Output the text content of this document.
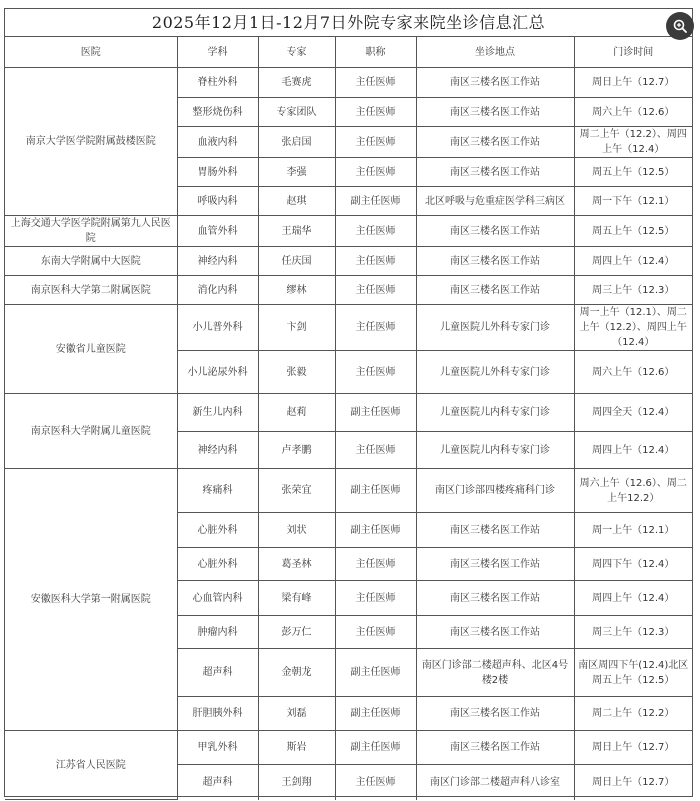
2025年12月1日-12月7日外院专家来院坐诊信息汇总
医院	学科	专家	职称	坐诊地点	门诊时间
南京大学医学院附属鼓楼医院	脊柱外科	毛赛虎	主任医师	南区三楼名医工作站	周日上午（12.7）
	整形烧伤科	专家团队	主任医师	南区三楼名医工作站	周六上午（12.6）
	血液内科	张启国	主任医师	南区三楼名医工作站	周二上午（12.2）、周四上午（12.4）
	胃肠外科	李强	主任医师	南区三楼名医工作站	周五上午（12.5）
	呼吸内科	赵琪	副主任医师	北区呼吸与危重症医学科三病区	周一下午（12.1）
上海交通大学医学院附属第九人民医院	血管外科	王瑞华	主任医师	南区三楼名医工作站	周五上午（12.5）
东南大学附属中大医院	神经内科	任庆国	主任医师	南区三楼名医工作站	周四上午（12.4）
南京医科大学第二附属医院	消化内科	缪林	主任医师	南区三楼名医工作站	周三上午（12.3）
安徽省儿童医院	小儿普外科	卞剑	主任医师	儿童医院儿外科专家门诊	周一上午（12.1）、周二上午（12.2）、周四上午（12.4）
	小儿泌尿外科	张毅	主任医师	儿童医院儿外科专家门诊	周六上午（12.6）
南京医科大学附属儿童医院	新生儿内科	赵莉	副主任医师	儿童医院儿内科专家门诊	周四全天（12.4）
	神经内科	卢孝鹏	主任医师	儿童医院儿内科专家门诊	周四上午（12.4）
安徽医科大学第一附属医院	疼痛科	张荣宜	副主任医师	南区门诊部四楼疼痛科门诊	周六上午（12.6）、周二上午12.2）
	心脏外科	刘状	副主任医师	南区三楼名医工作站	周一上午（12.1）
	心脏外科	葛圣林	主任医师	南区三楼名医工作站	周四下午（12.4）
	心血管内科	梁有峰	主任医师	南区三楼名医工作站	周四上午（12.4）
	肿瘤内科	彭万仁	主任医师	南区三楼名医工作站	周三上午（12.3）
	超声科	金朝龙	副主任医师	南区门诊部二楼超声科、北区4号楼2楼	南区周四下午(12.4)北区周五上午（12.5）
	肝胆胰外科	刘磊	副主任医师	南区三楼名医工作站	周二上午（12.2）
江苏省人民医院	甲乳外科	斯岩	副主任医师	南区三楼名医工作站	周日上午（12.7）
	超声科	王剑翔	主任医师	南区门诊部二楼超声科八诊室	周日上午（12.7）
